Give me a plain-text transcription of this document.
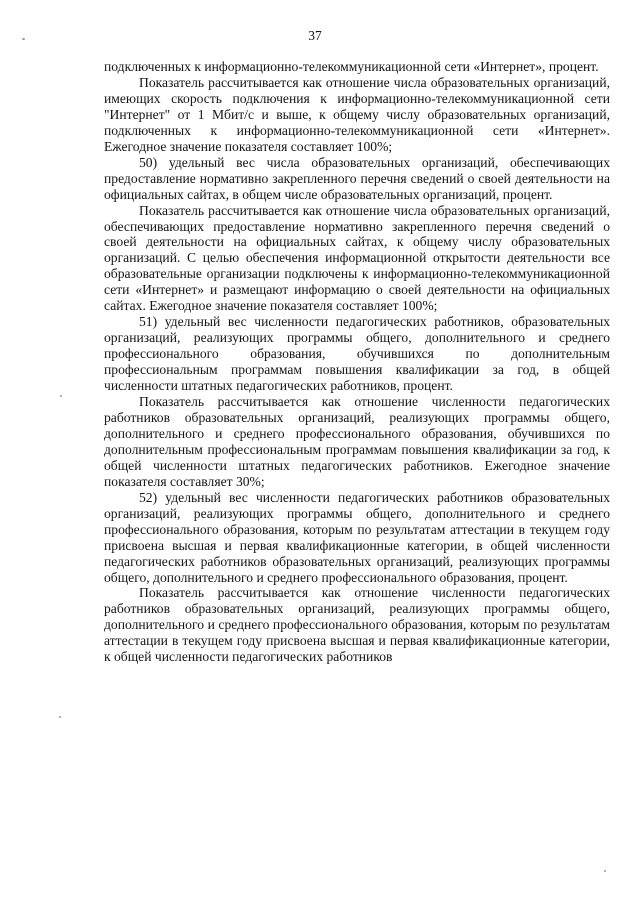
37

подключенных к информационно-телекоммуникационной сети «Интернет», процент.

Показатель рассчитывается как отношение числа образовательных организаций, имеющих скорость подключения к информационно-телекоммуникационной сети "Интернет" от 1 Мбит/с и выше, к общему числу образовательных организаций, подключенных к информационно-телекоммуникационной сети «Интернет». Ежегодное значение показателя составляет 100%;

50) удельный вес числа образовательных организаций, обеспечивающих предоставление нормативно закрепленного перечня сведений о своей деятельности на официальных сайтах, в общем числе образовательных организаций, процент.

Показатель рассчитывается как отношение числа образовательных организаций, обеспечивающих предоставление нормативно закрепленного перечня сведений о своей деятельности на официальных сайтах, к общему числу образовательных организаций. С целью обеспечения информационной открытости деятельности все образовательные организации подключены к информационно-телекоммуникационной сети «Интернет» и размещают информацию о своей деятельности на официальных сайтах. Ежегодное значение показателя составляет 100%;

51) удельный вес численности педагогических работников, образовательных организаций, реализующих программы общего, дополнительного и среднего профессионального образования, обучившихся по дополнительным профессиональным программам повышения квалификации за год, в общей численности штатных педагогических работников, процент.

Показатель рассчитывается как отношение численности педагогических работников образовательных организаций, реализующих программы общего, дополнительного и среднего профессионального образования, обучившихся по дополнительным профессиональным программам повышения квалификации за год, к общей численности штатных педагогических работников. Ежегодное значение показателя составляет 30%;

52) удельный вес численности педагогических работников образовательных организаций, реализующих программы общего, дополнительного и среднего профессионального образования, которым по результатам аттестации в текущем году присвоена высшая и первая квалификационные категории, в общей численности педагогических работников образовательных организаций, реализующих программы общего, дополнительного и среднего профессионального образования, процент.

Показатель рассчитывается как отношение численности педагогических работников образовательных организаций, реализующих программы общего, дополнительного и среднего профессионального образования, которым по результатам аттестации в текущем году присвоена высшая и первая квалификационные категории, к общей численности педагогических работников
